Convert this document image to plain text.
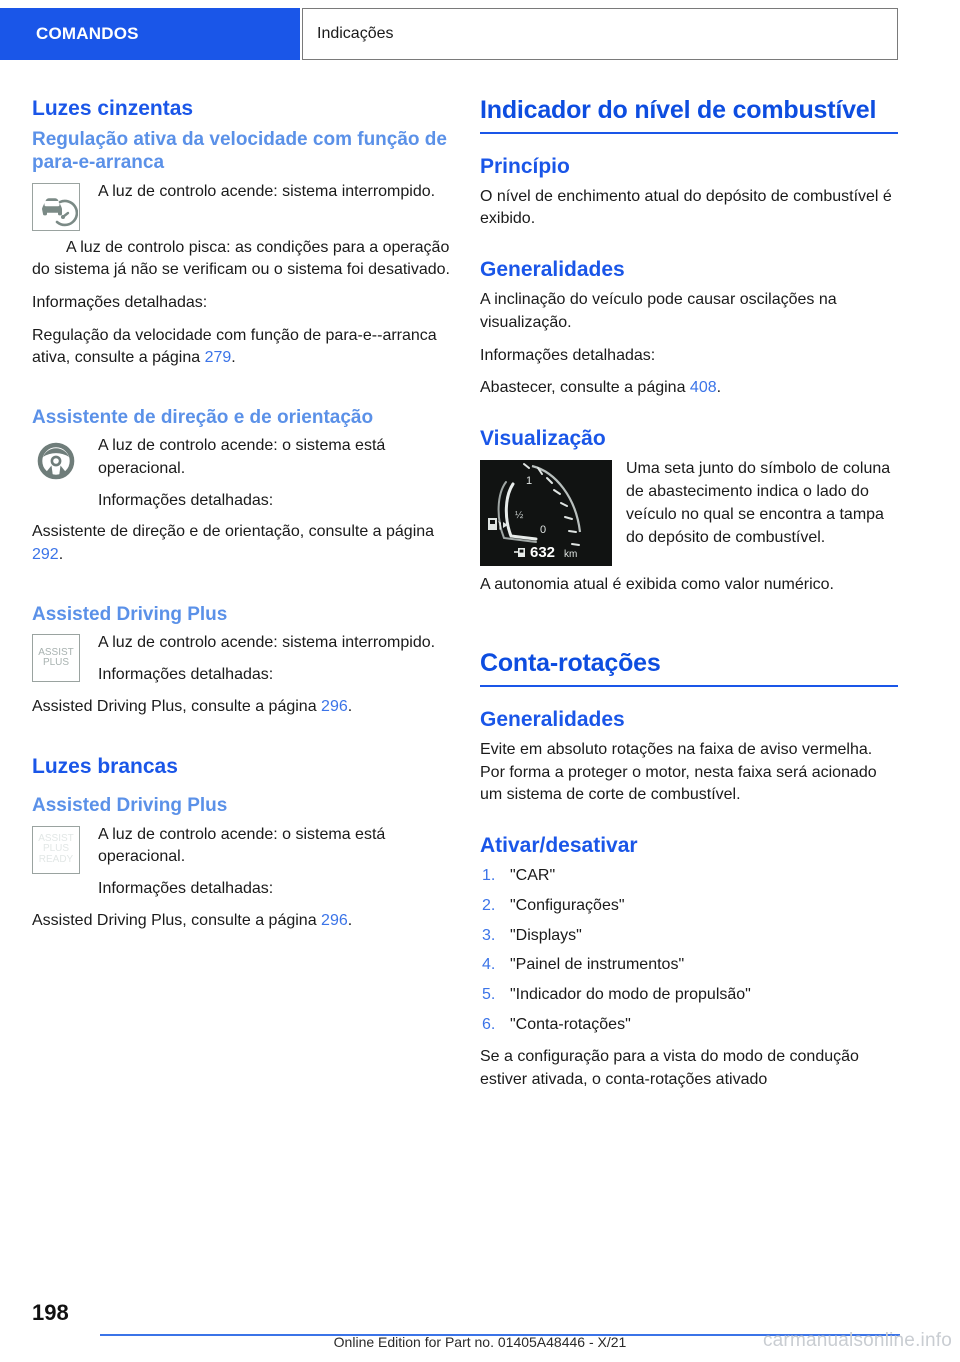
COMANDOS	Indicações
Luzes cinzentas
Regulação ativa da velocidade com função de para-e-arranca

A luz de controlo acende: sistema interrompido.

A luz de controlo pisca: as condições para a operação do sistema já não se verificam ou o sistema foi desativado.

Informações detalhadas:

Regulação da velocidade com função de para-e--arranca ativa, consulte a página 279.

Assistente de direção e de orientação

A luz de controlo acende: o sistema está operacional.

Informações detalhadas:

Assistente de direção e de orientação, consulte a página 292.

Assisted Driving Plus
ASSIST
PLUS

A luz de controlo acende: sistema interrompido.

Informações detalhadas:

Assisted Driving Plus, consulte a página 296.

Luzes brancas
Assisted Driving Plus
ASSIST
PLUS
READY

A luz de controlo acende: o sistema está operacional.

Informações detalhadas:

Assisted Driving Plus, consulte a página 296.

Indicador do nível de combustível
Princípio

O nível de enchimento atual do depósito de combustível é exibido.

Generalidades

A inclinação do veículo pode causar oscilações na visualização.

Informações detalhadas:

Abastecer, consulte a página 408.

Visualização
1
½
0
632 km

Uma seta junto do símbolo de coluna de abastecimento indica o lado do veículo no qual se encontra a tampa do depósito de combustível.

A autonomia atual é exibida como valor numérico.

Conta-rotações
Generalidades

Evite em absoluto rotações na faixa de aviso vermelha. Por forma a proteger o motor, nesta faixa será acionado um sistema de corte de combustível.

Ativar/desativar
"CAR"
"Configurações"
"Displays"
"Painel de instrumentos"
"Indicador do modo de propulsão"
"Conta-rotações"

Se a configuração para a vista do modo de condução estiver ativada, o conta-rotações ativado

198
Online Edition for Part no. 01405A48446 - X/21	carmanualsonline.info
